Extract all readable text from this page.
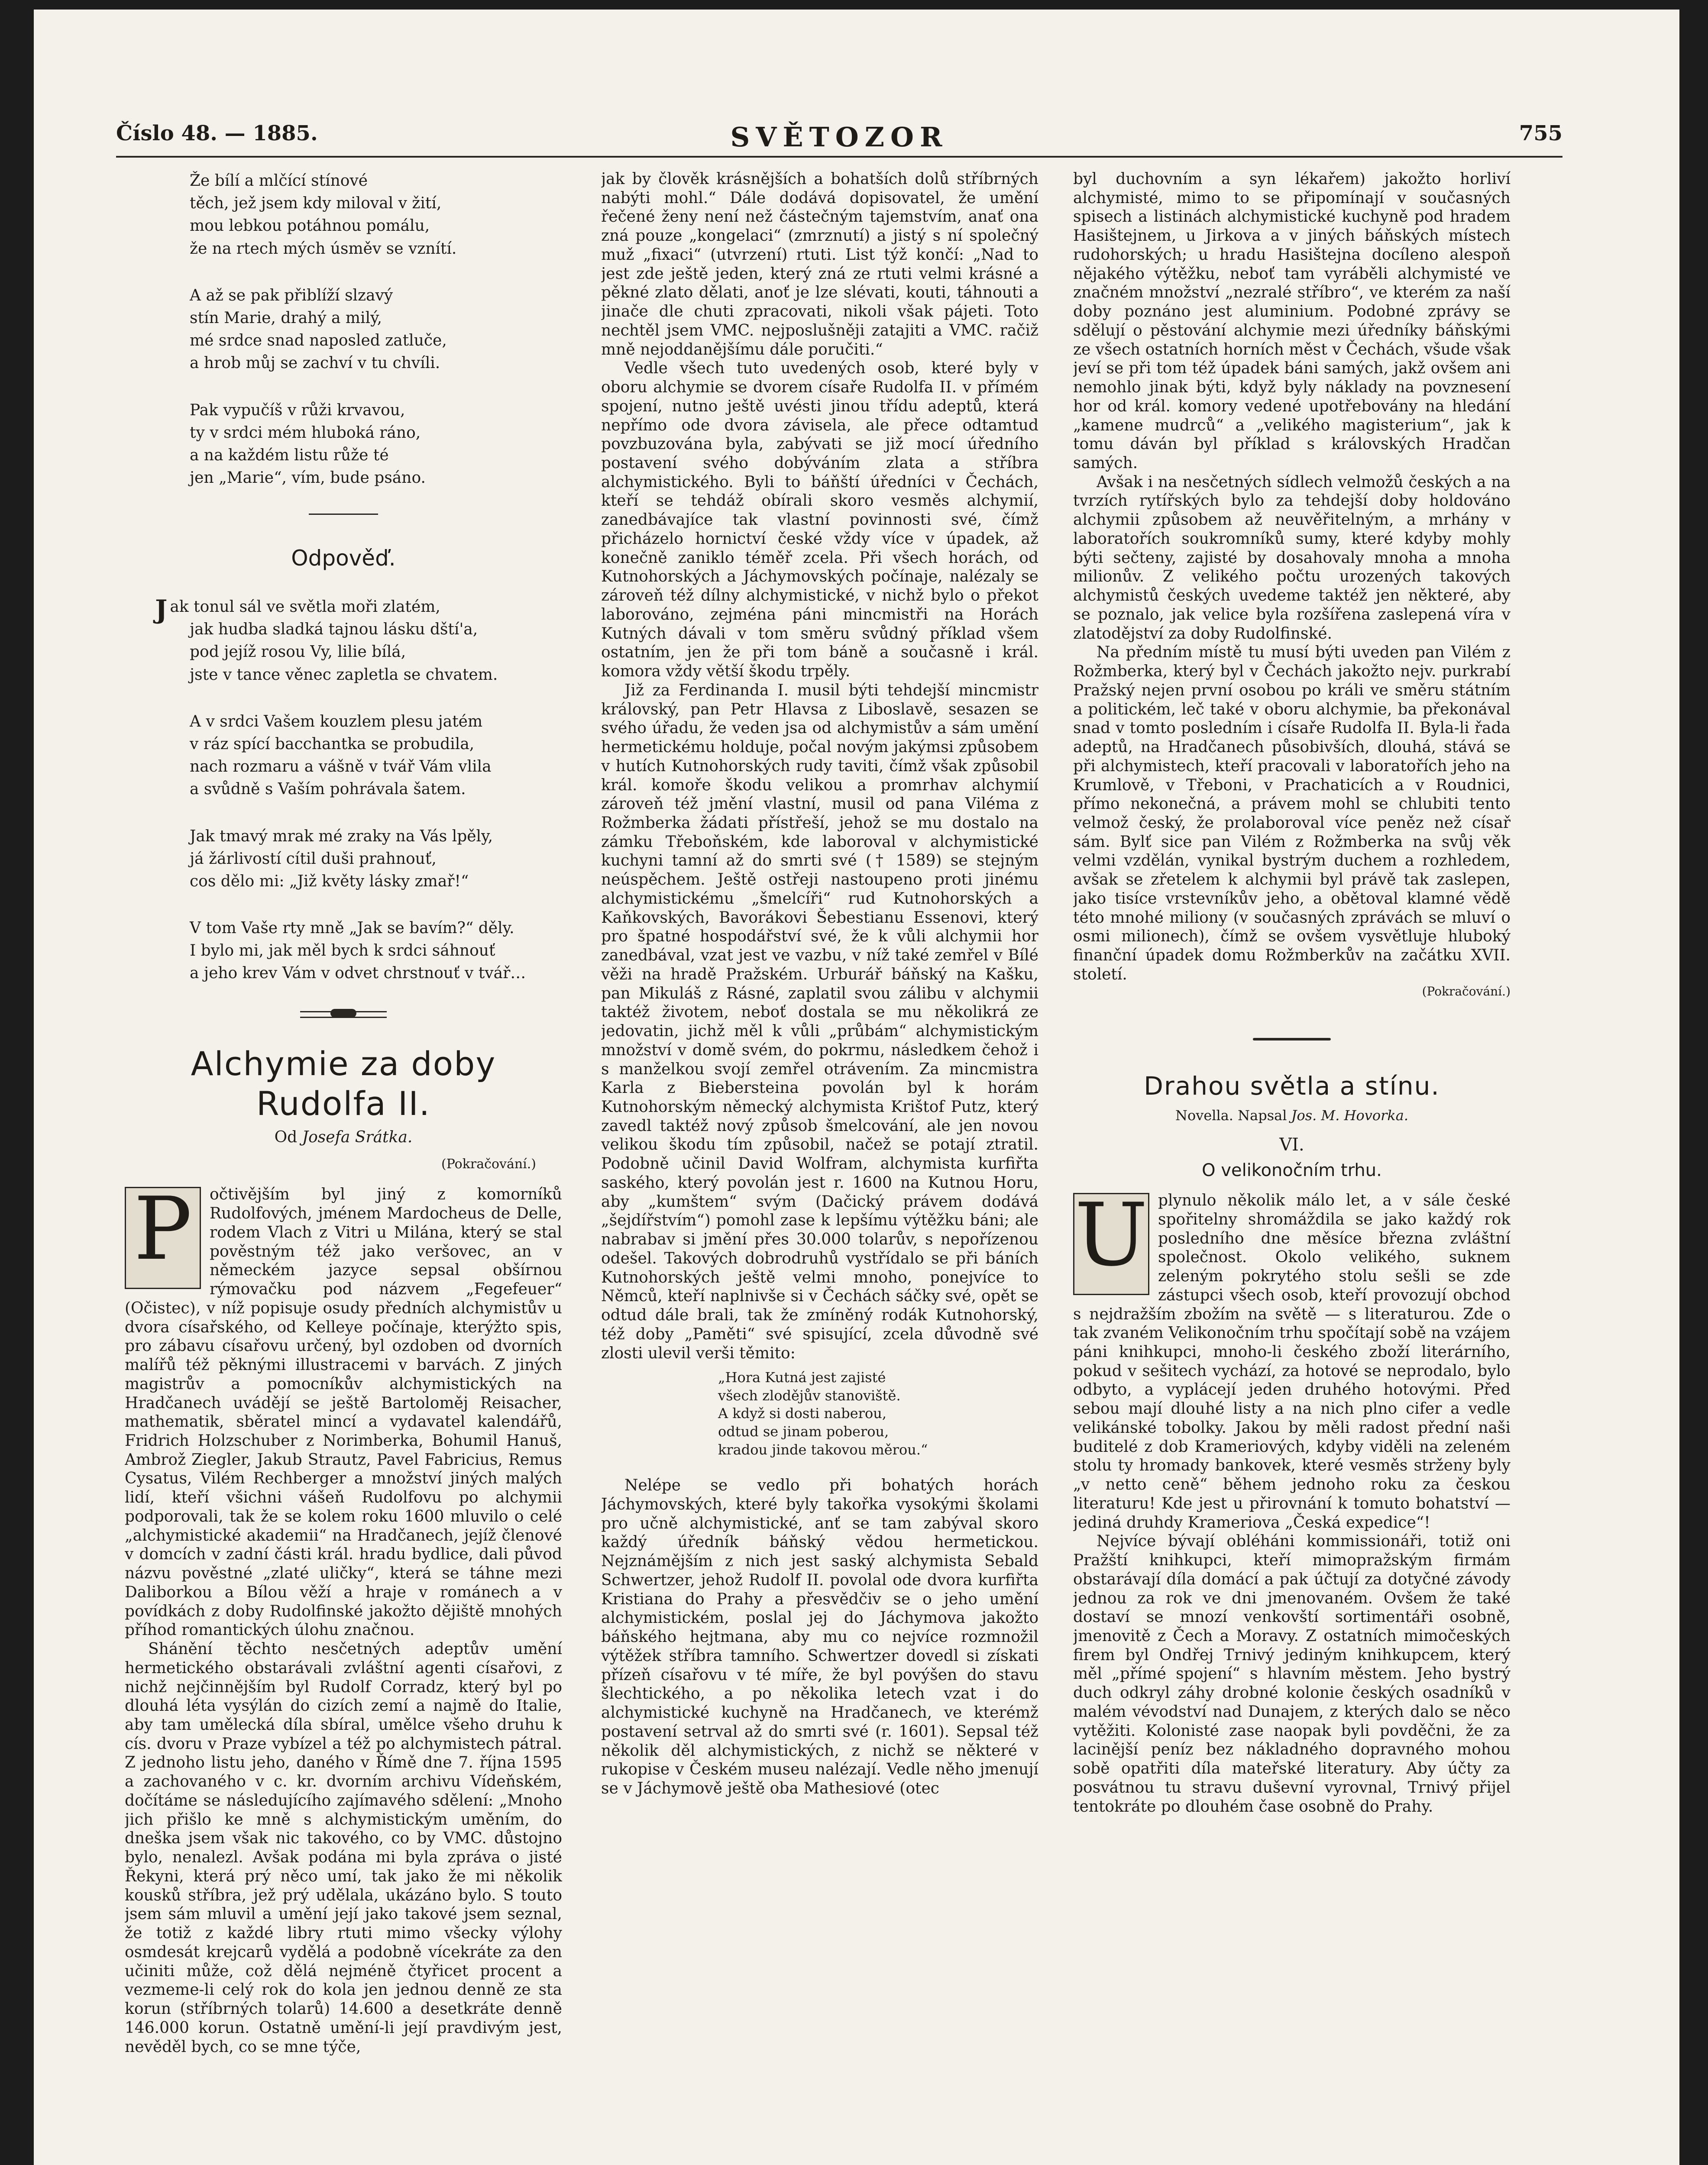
Číslo 48. — 1885.	SVĚTOZOR	755
Že bílí a mlčící stínové
těch, jež jsem kdy miloval v žití,
mou lebkou potáhnou pomálu,
že na rtech mých úsměv se vznítí.
A až se pak přiblíží slzavý
stín Marie, drahý a milý,
mé srdce snad naposled zatluče,
a hrob můj se zachví v tu chvíli.
Pak vypučíš v růži krvavou,
ty v srdci mém hluboká ráno,
a na každém listu růže té
jen „Marie“, vím, bude psáno.
Odpověď.
Jak tonul sál ve světla moři zlatém,
jak hudba sladká tajnou lásku dští'a,
pod jejíž rosou Vy, lilie bílá,
jste v tance věnec zapletla se chvatem.
A v srdci Vašem kouzlem plesu jatém
v ráz spící bacchantka se probudila,
nach rozmaru a vášně v tvář Vám vlila
a svůdně s Vaším pohrávala šatem.
Jak tmavý mrak mé zraky na Vás lpěly,
já žárlivostí cítil duši prahnouť,
cos dělo mi: „Již květy lásky zmař!“
V tom Vaše rty mně „Jak se bavím?“ děly.
I bylo mi, jak měl bych k srdci sáhnouť
a jeho krev Vám v odvet chrstnouť v tvář…
Alchymie za doby Rudolfa II.
Od Josefa Srátka.
(Pokračování.)

P	očtivějším byl jiný z komorníků Rudolfových, jménem Mardocheus de Delle, rodem Vlach z Vitri u Milána, který se stal pověstným též jako veršovec, an v německém jazyce sepsal obšírnou rýmovačku pod názvem „Fegefeuer“ (Očistec), v níž popisuje osudy předních alchymistův u dvora císařského, od Kelleye počínaje, kterýžto spis, pro zábavu císařovu určený, byl ozdoben od dvorních malířů též pěknými illustracemi v barvách. Z jiných magistrův a pomocníkův alchymistických na Hradčanech uvádějí se ještě Bartoloměj Reisacher, mathematik, sběratel mincí a vydavatel kalendářů, Fridrich Holzschuber z Norimberka, Bohumil Hanuš, Ambrož Ziegler, Jakub Strautz, Pavel Fabricius, Remus Cysatus, Vilém Rechberger a množství jiných malých lidí, kteří všichni vášeň Rudolfovu po alchymii podporovali, tak že se kolem roku 1600 mluvilo o celé „alchymistické akademii“ na Hradčanech, jejíž členové v domcích v zadní části král. hradu bydlice, dali původ názvu pověstné „zlaté uličky“, která se táhne mezi Daliborkou a Bílou věží a hraje v románech a v povídkách z doby Rudolfinské jakožto dějiště mnohých příhod romantických úlohu značnou.

Shánění těchto nesčetných adeptův umění hermetického obstarávali zvláštní agenti císařovi, z nichž nejčinnějším byl Rudolf Corradz, který byl po dlouhá léta vysýlán do cizích zemí a najmě do Italie, aby tam umělecká díla sbíral, umělce všeho druhu k cís. dvoru v Praze vybízel a též po alchymistech pátral. Z jednoho listu jeho, daného v Římě dne 7. října 1595 a zachovaného v c. kr. dvorním archivu Vídeňském, dočítáme se následujícího zajímavého sdělení: „Mnoho jich přišlo ke mně s alchymistickým uměním, do dneška jsem však nic takového, co by VMC. důstojno bylo, nenalezl. Avšak podána mi byla zpráva o jisté Řekyni, která prý něco umí, tak jako že mi několik kousků stříbra, jež prý udělala, ukázáno bylo. S touto jsem sám mluvil a umění její jako takové jsem seznal, že totiž z každé libry rtuti mimo všecky výlohy osmdesát krejcarů vydělá a podobně vícekráte za den učiniti může, což dělá nejméně čtyřicet procent a vezmeme-li celý rok do kola jen jednou denně ze sta korun (stříbrných tolarů) 14.600 a desetkráte denně 146.000 korun. Ostatně umění-li její pravdivým jest, nevěděl bych, co se mne týče,

jak by člověk krásnějších a bohatších dolů stříbrných nabýti mohl.“ Dále dodává dopisovatel, že umění řečené ženy není než částečným tajemstvím, anať ona zná pouze „kongelaci“ (zmrznutí) a jistý s ní společný muž „fixaci“ (utvrzení) rtuti. List týž končí: „Nad to jest zde ještě jeden, který zná ze rtuti velmi krásné a pěkné zlato dělati, anoť je lze slévati, kouti, táhnouti a jinače dle chuti zpracovati, nikoli však pájeti. Toto nechtěl jsem VMC. nejposlušněji zatajiti a VMC. račiž mně nejoddanějšímu dále poručiti.“

Vedle všech tuto uvedených osob, které byly v oboru alchymie se dvorem císaře Rudolfa II. v přímém spojení, nutno ještě uvésti jinou třídu adeptů, která nepřímo ode dvora závisela, ale přece odtamtud povzbuzována byla, zabývati se již mocí úředního postavení svého dobýváním zlata a stříbra alchymistického. Byli to báňští úředníci v Čechách, kteří se tehdáž obírali skoro vesměs alchymií, zanedbávajíce tak vlastní povinnosti své, čímž přicházelo hornictví české vždy více v úpadek, až konečně zaniklo téměř zcela. Při všech horách, od Kutnohorských a Jáchymovských počínaje, nalézaly se zároveň též dílny alchymistické, v nichž bylo o překot laborováno, zejména páni mincmistři na Horách Kutných dávali v tom směru svůdný příklad všem ostatním, jen že při tom báně a současně i král. komora vždy větší škodu trpěly.

Již za Ferdinanda I. musil býti tehdejší mincmistr královský, pan Petr Hlavsa z Liboslavě, sesazen se svého úřadu, že veden jsa od alchymistův a sám umění hermetickému holduje, počal novým jakýmsi způsobem v hutích Kutnohorských rudy taviti, čímž však způsobil král. komoře škodu velikou a promrhav alchymií zároveň též jmění vlastní, musil od pana Viléma z Rožmberka žádati přístřeší, jehož se mu dostalo na zámku Třeboňském, kde laboroval v alchymistické kuchyni tamní až do smrti své († 1589) se stejným neúspěchem. Ještě ostřeji nastoupeno proti jinému alchymistickému „šmelcíři“ rud Kutnohorských a Kaňkovských, Bavorákovi Šebestianu Essenovi, který pro špatné hospodářství své, že k vůli alchymii hor zanedbával, vzat jest ve vazbu, v níž také zemřel v Bílé věži na hradě Pražském. Urburář báňský na Kašku, pan Mikuláš z Rásné, zaplatil svou zálibu v alchymii taktéž životem, neboť dostala se mu několikrá ze jedovatin, jichž měl k vůli „průbám“ alchymistickým množství v domě svém, do pokrmu, následkem čehož i s manželkou svojí zemřel otrávením. Za mincmistra Karla z Biebersteina povolán byl k horám Kutnohorským německý alchymista Krištof Putz, který zavedl taktéž nový způsob šmelcování, ale jen novou velikou škodu tím způsobil, načež se potají ztratil. Podobně učinil David Wolfram, alchymista kurfiřta saského, který povolán jest r. 1600 na Kutnou Horu, aby „kumštem“ svým (Dačický právem dodává „šejdířstvím“) pomohl zase k lepšímu výtěžku báni; ale nabrabav si jmění přes 30.000 tolarův, s nepořízenou odešel. Takových dobrodruhů vystřídalo se při báních Kutnohorských ještě velmi mnoho, ponejvíce to Němců, kteří naplnivše si v Čechách sáčky své, opět se odtud dále brali, tak že zmíněný rodák Kutnohorský, též doby „Paměti“ své spisující, zcela důvodně své zlosti ulevil verši těmito:

„Hora Kutná jest zajisté
všech zlodějův stanoviště.
A když si dosti naberou,
odtud se jinam poberou,
kradou jinde takovou měrou.“

Nelépe se vedlo při bohatých horách Jáchymovských, které byly takořka vysokými školami pro učně alchymistické, anť se tam zabýval skoro každý úředník báňský vědou hermetickou. Nejznámějším z nich jest saský alchymista Sebald Schwertzer, jehož Rudolf II. povolal ode dvora kurfiřta Kristiana do Prahy a přesvědčiv se o jeho umění alchymistickém, poslal jej do Jáchymova jakožto báňského hejtmana, aby mu co nejvíce rozmnožil výtěžek stříbra tamního. Schwertzer dovedl si získati přízeň císařovu v té míře, že byl povýšen do stavu šlechtického, a po několika letech vzat i do alchymistické kuchyně na Hradčanech, ve kterémž postavení setrval až do smrti své (r. 1601). Sepsal též několik děl alchymistických, z nichž se některé v rukopise v Českém museu nalézají. Vedle něho jmenují se v Jáchymově ještě oba Mathesiové (otec

byl duchovním a syn lékařem) jakožto horliví alchymisté, mimo to se připomínají v současných spisech a listinách alchymistické kuchyně pod hradem Hasištejnem, u Jirkova a v jiných báňských místech rudohorských; u hradu Hasištejna docíleno alespoň nějakého výtěžku, neboť tam vyráběli alchymisté ve značném množství „nezralé stříbro“, ve kterém za naší doby poznáno jest aluminium. Podobné zprávy se sdělují o pěstování alchymie mezi úředníky báňskými ze všech ostatních horních měst v Čechách, všude však jeví se při tom též úpadek báni samých, jakž ovšem ani nemohlo jinak býti, když byly náklady na povznesení hor od král. komory vedené upotřebovány na hledání „kamene mudrců“ a „velikého magisterium“, jak k tomu dáván byl příklad s královských Hradčan samých.

Avšak i na nesčetných sídlech velmožů českých a na tvrzích rytířských bylo za tehdejší doby holdováno alchymii způsobem až neuvěřitelným, a mrhány v laboratořích soukromníků sumy, které kdyby mohly býti sečteny, zajisté by dosahovaly mnoha a mnoha milionův. Z velikého počtu urozených takových alchymistů českých uvedeme taktéž jen některé, aby se poznalo, jak velice byla rozšířena zaslepená víra v zlatodějství za doby Rudolfinské.

Na předním místě tu musí býti uveden pan Vilém z Rožmberka, který byl v Čechách jakožto nejv. purkrabí Pražský nejen první osobou po králi ve směru státním a politickém, leč také v oboru alchymie, ba překonával snad v tomto posledním i císaře Rudolfa II. Byla-li řada adeptů, na Hradčanech působivších, dlouhá, stává se při alchymistech, kteří pracovali v laboratořích jeho na Krumlově, v Třeboni, v Prachaticích a v Roudnici, přímo nekonečná, a právem mohl se chlubiti tento velmož český, že prolaboroval více peněz než císař sám. Bylť sice pan Vilém z Rožmberka na svůj věk velmi vzdělán, vynikal bystrým duchem a rozhledem, avšak se zřetelem k alchymii byl právě tak zaslepen, jako tisíce vrstevníkův jeho, a obětoval klamné vědě této mnohé miliony (v současných zprávách se mluví o osmi milionech), čímž se ovšem vysvětluje hluboký finanční úpadek domu Rožmberkův na začátku XVII. století.

(Pokračování.)
Drahou světla a stínu.
Novella. Napsal Jos. M. Hovorka.
VI.
O velikonočním trhu.

U plynulo několik málo let, a v sále české spořitelny shromáždila se jako každý rok posledního dne měsíce března zvláštní společnost. Okolo velikého, suknem zeleným pokrytého stolu sešli se zde zástupci všech osob, kteří provozují obchod s nejdražším zbožím na světě — s literaturou. Zde o tak zvaném Velikonočním trhu spočítají sobě na vzájem páni knihkupci, mnoho-li českého zboží literárního, pokud v sešitech vychází, za hotové se neprodalo, bylo odbyto, a vyplácejí jeden druhého hotovými. Před sebou mají dlouhé listy a na nich plno cifer a vedle velikánské tobolky. Jakou by měli radost přední naši buditelé z dob Krameriových, kdyby viděli na zeleném stolu ty hromady bankovek, které vesměs strženy byly „v netto ceně“ během jednoho roku za českou literaturu! Kde jest u přirovnání k tomuto bohatství — jediná druhdy Krameriova „Česká expedice“!

Nejvíce bývají obléháni kommissionáři, totiž oni Pražští knihkupci, kteří mimopražským firmám obstarávají díla domácí a pak účtují za dotyčné závody jednou za rok ve dni jmenovaném. Ovšem že také dostaví se mnozí venkovští sortimentáři osobně, jmenovitě z Čech a Moravy. Z ostatních mimočeských firem byl Ondřej Trnivý jediným knihkupcem, který měl „přímé spojení“ s hlavním městem. Jeho bystrý duch odkryl záhy drobné kolonie českých osadníků v malém vévodství nad Dunajem, z kterých dalo se něco vytěžiti. Kolonisté zase naopak byli povděčni, že za lacinější peníz bez nákladného dopravného mohou sobě opatřiti díla mateřské literatury. Aby účty za posvátnou tu stravu duševní vyrovnal, Trnivý přijel tentokráte po dlouhém čase osobně do Prahy.
